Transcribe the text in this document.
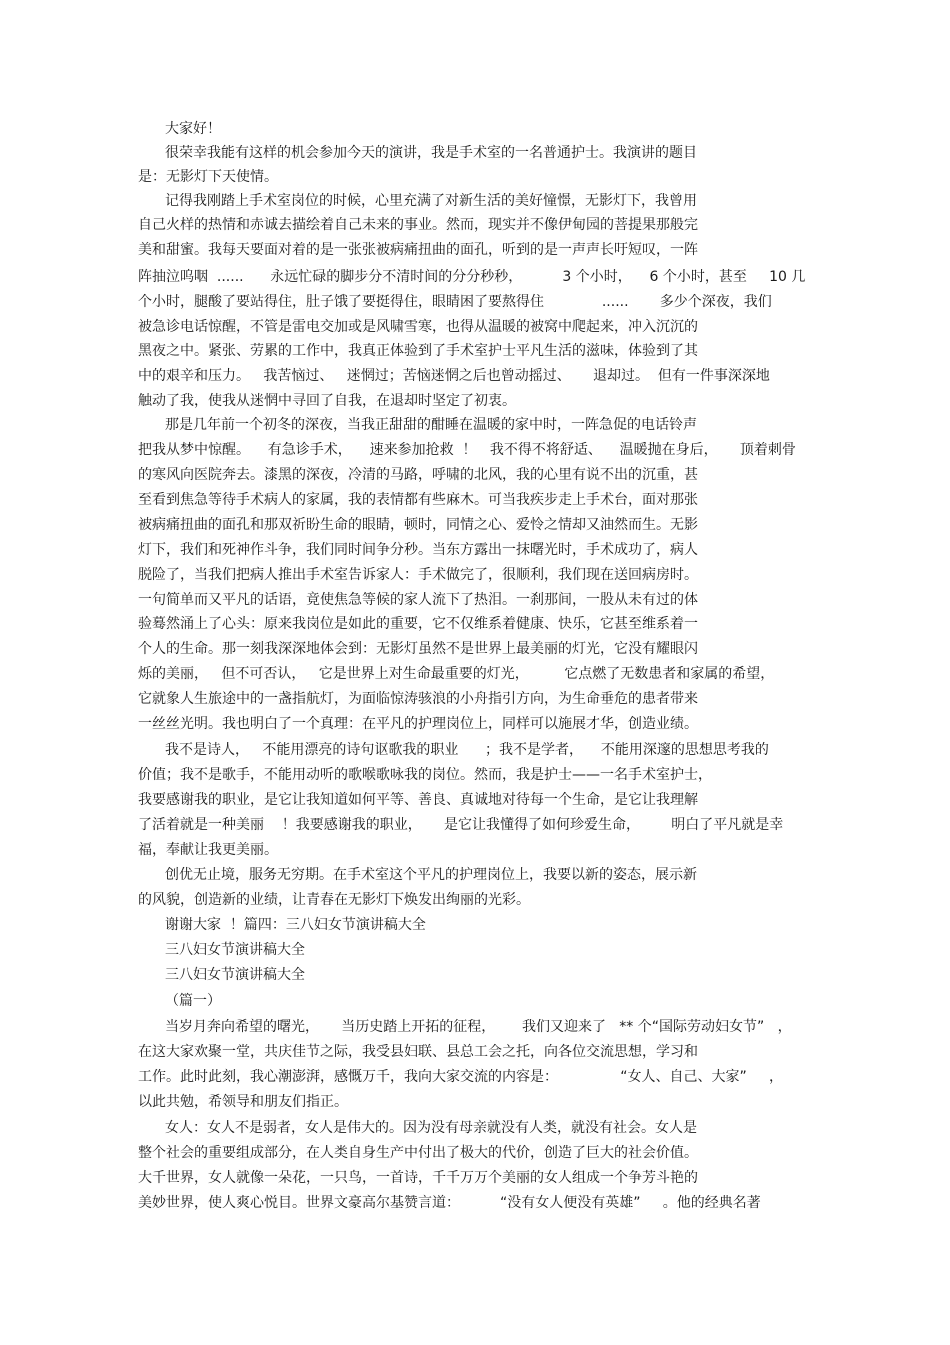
大家好！
很荣幸我能有这样的机会参加今天的演讲，我是手术室的一名普通护士。我演讲的题目
是：无影灯下天使情。
记得我刚踏上手术室岗位的时候，心里充满了对新生活的美好憧憬，无影灯下，我曾用
自己火样的热情和赤诚去描绘着自己未来的事业。然而，现实并不像伊甸园的菩提果那般完
美和甜蜜。我每天要面对着的是一张张被病痛扭曲的面孔，听到的是一声声长吁短叹，一阵
阵抽泣呜咽  ......      永远忙碌的脚步分不清时间的分分秒秒，         3 个小时，    6 个小时，甚至     10 几
个小时，腿酸了要站得住，肚子饿了要挺得住，眼睛困了要熬得住             ......       多少个深夜，我们
被急诊电话惊醒，不管是雷电交加或是风啸雪寒，也得从温暖的被窝中爬起来，冲入沉沉的
黑夜之中。紧张、劳累的工作中，我真正体验到了手术室护士平凡生活的滋味，体验到了其
中的艰辛和压力。   我苦恼过、   迷惘过；苦恼迷惘之后也曾动摇过、     退却过。  但有一件事深深地
触动了我，使我从迷惘中寻回了自我，在退却时坚定了初衷。
那是几年前一个初冬的深夜，当我正甜甜的酣睡在温暖的家中时，一阵急促的电话铃声
把我从梦中惊醒。    有急诊手术，    速来参加抢救  ！   我不得不将舒适、    温暖抛在身后，     顶着刺骨
的寒风向医院奔去。漆黑的深夜，冷清的马路，呼啸的北风，我的心里有说不出的沉重，甚
至看到焦急等待手术病人的家属，我的表情都有些麻木。可当我疾步走上手术台，面对那张
被病痛扭曲的面孔和那双祈盼生命的眼睛，顿时，同情之心、爱怜之情却又油然而生。无影
灯下，我们和死神作斗争，我们同时间争分秒。当东方露出一抹曙光时，手术成功了，病人
脱险了，当我们把病人推出手术室告诉家人：手术做完了，很顺利，我们现在送回病房时。
一句简单而又平凡的话语，竟使焦急等候的家人流下了热泪。一刹那间，一股从未有过的体
验蓦然涌上了心头：原来我岗位是如此的重要，它不仅维系着健康、快乐，它甚至维系着一
个人的生命。那一刻我深深地体会到：无影灯虽然不是世界上最美丽的灯光，它没有耀眼闪
烁的美丽，   但不可否认，   它是世界上对生命最重要的灯光，        它点燃了无数患者和家属的希望，
它就象人生旅途中的一盏指航灯，为面临惊涛骇浪的小舟指引方向，为生命垂危的患者带来
一丝丝光明。我也明白了一个真理：在平凡的护理岗位上，同样可以施展才华，创造业绩。
我不是诗人，   不能用漂亮的诗句讴歌我的职业      ；我不是学者，    不能用深邃的思想思考我的
价值；我不是歌手，不能用动听的歌喉歌咏我的岗位。然而，我是护士——一名手术室护士，
我要感谢我的职业，是它让我知道如何平等、善良、真诚地对待每一个生命，是它让我理解
了活着就是一种美丽    ！我要感谢我的职业，     是它让我懂得了如何珍爱生命，       明白了平凡就是幸
福，奉献让我更美丽。
创优无止境，服务无穷期。在手术室这个平凡的护理岗位上，我要以新的姿态，展示新
的风貌，创造新的业绩，让青春在无影灯下焕发出绚丽的光彩。
谢谢大家  ！篇四：三八妇女节演讲稿大全
三八妇女节演讲稿大全
三八妇女节演讲稿大全
（篇一）
当岁月奔向希望的曙光，     当历史踏上开拓的征程，      我们又迎来了   ** 个“国际劳动妇女节”   ，
在这大家欢聚一堂，共庆佳节之际，我受县妇联、县总工会之托，向各位交流思想，学习和
工作。此时此刻，我心潮澎湃，感慨万千，我向大家交流的内容是：              “女人、自己、大家”     ，
以此共勉，希领导和朋友们指正。
女人：女人不是弱者，女人是伟大的。因为没有母亲就没有人类，就没有社会。女人是
整个社会的重要组成部分，在人类自身生产中付出了极大的代价，创造了巨大的社会价值。
大千世界，女人就像一朵花，一只鸟，一首诗，千千万万个美丽的女人组成一个争芳斗艳的
美妙世界，使人爽心悦目。世界文豪高尔基赞言道：         “没有女人便没有英雄”     。他的经典名著
